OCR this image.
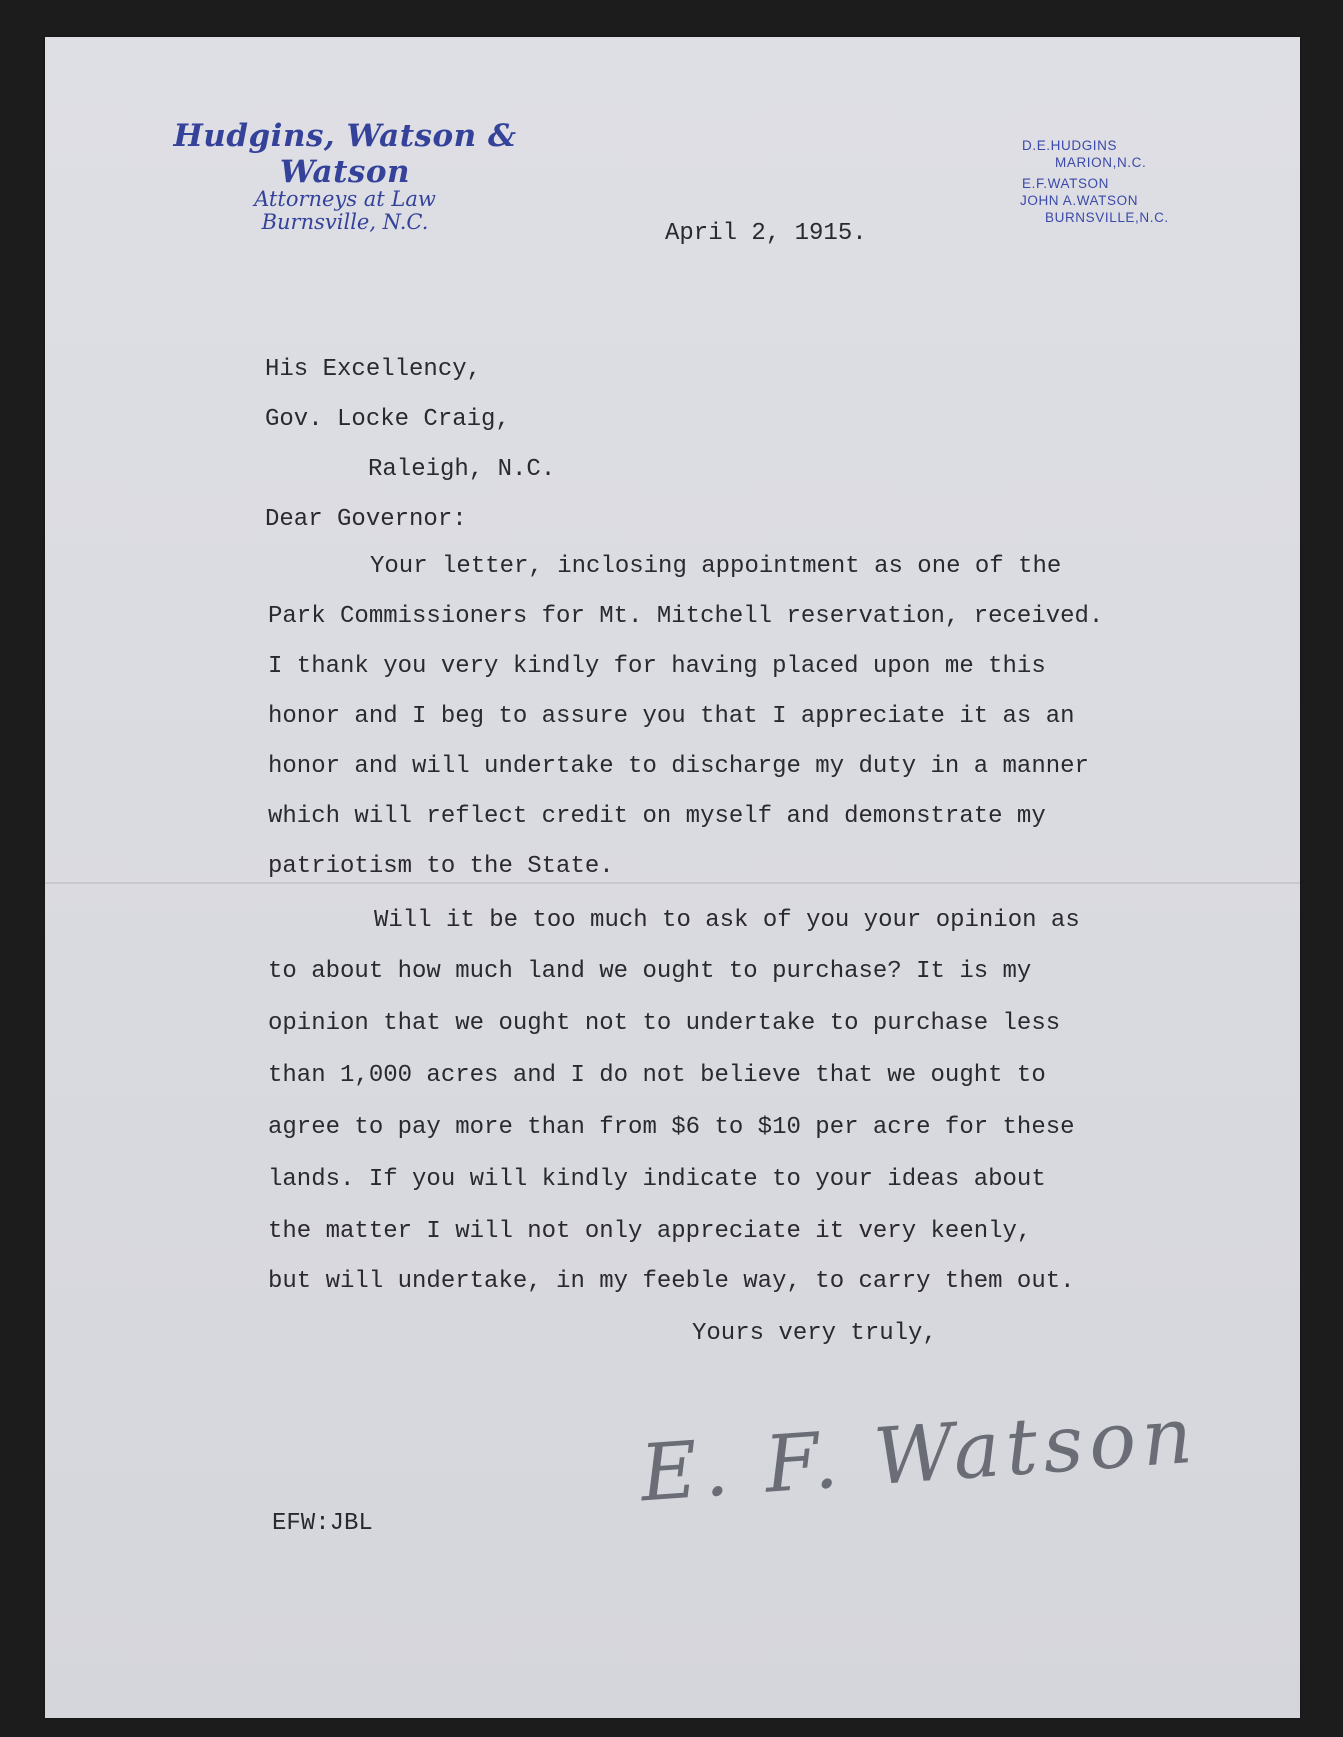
Hudgins, Watson & Watson
Attorneys at Law
Burnsville, N.C.
D.E.HUDGINS
MARION,N.C.
E.F.WATSON
JOHN A.WATSON
BURNSVILLE,N.C.
April 2, 1915.
His Excellency,
Gov. Locke Craig,
Raleigh, N.C.
Dear Governor:
Your letter, inclosing appointment as one of the
Park Commissioners for Mt. Mitchell reservation, received.
I thank you very kindly for having placed upon me this
honor and I beg to assure you that I appreciate it as an
honor and will undertake to discharge my duty in a manner
which will reflect credit on myself and demonstrate my
patriotism to the State.
Will it be too much to ask of you your opinion as
to about how much land we ought to purchase? It is my
opinion that we ought not to undertake to purchase less
than 1,000 acres and I do not believe that we ought to
agree to pay more than from $6 to $10 per acre for these
lands. If you will kindly indicate to your ideas about
the matter I will not only appreciate it very keenly,
but will undertake, in my feeble way, to carry them out.
Yours very truly,
E. F. Watson
EFW:JBL
